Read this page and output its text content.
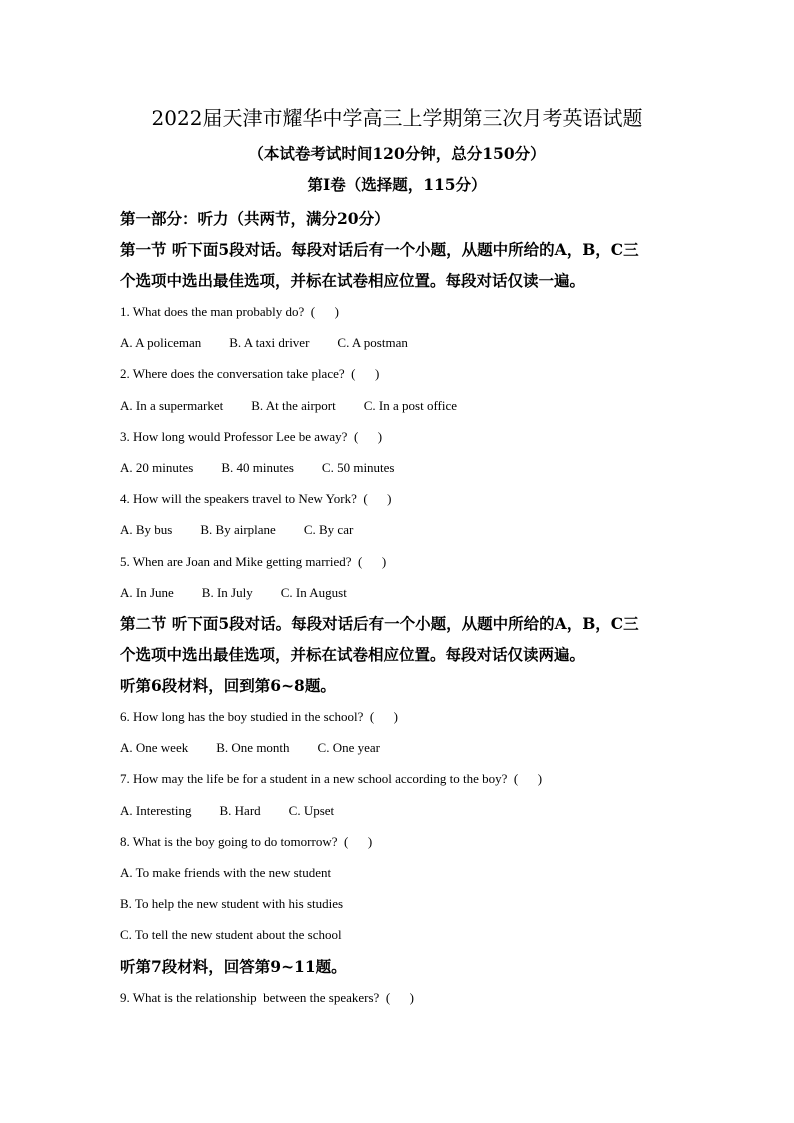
2022届天津市耀华中学高三上学期第三次月考英语试题
（本试卷考试时间120分钟，总分150分）
第Ⅰ卷（选择题，115分）

第一部分：听力（共两节，满分20分）

第一节 听下面5段对话。每段对话后有一个小题，从题中所给的A，B，C三

个选项中选出最佳选项，并标在试卷相应位置。每段对话仅读一遍。

1. What does the man probably do?  (      )

A. A policeman B. A taxi driver C. A postman

2. Where does the conversation take place?  (      )

A. In a supermarket B. At the airport C. In a post office

3. How long would Professor Lee be away?  (      )

A. 20 minutes B. 40 minutes C. 50 minutes

4. How will the speakers travel to New York?  (      )

A. By bus B. By airplane C. By car

5. When are Joan and Mike getting married?  (      )

A. In June B. In July C. In August

第二节 听下面5段对话。每段对话后有一个小题，从题中所给的A，B，C三

个选项中选出最佳选项，并标在试卷相应位置。每段对话仅读两遍。

听第6段材料，回到第6~8题。

6. How long has the boy studied in the school?  (      )

A. One week B. One month C. One year

7. How may the life be for a student in a new school according to the boy?  (      )

A. Interesting B. Hard C. Upset

8. What is the boy going to do tomorrow?  (      )

A. To make friends with the new student

B. To help the new student with his studies

C. To tell the new student about the school

听第7段材料，回答第9~11题。

9. What is the relationship  between the speakers?  (      )
